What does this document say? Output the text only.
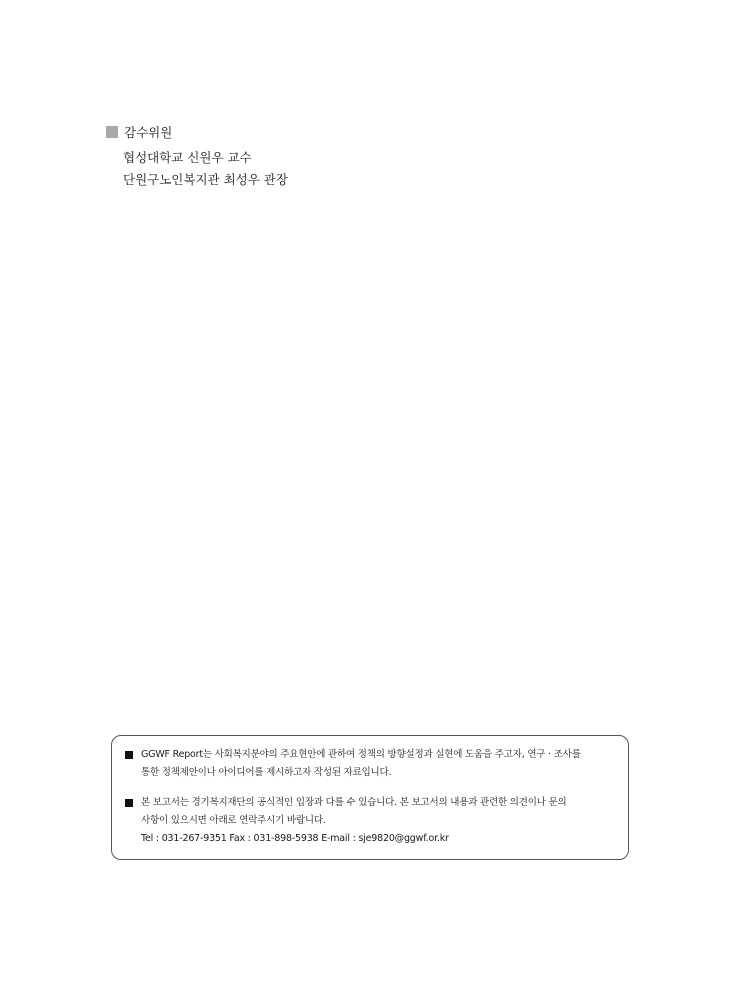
감수위원
협성대학교 신원우 교수
단원구노인복지관 최성우 관장
GGWF Report는 사회복지분야의 주요현안에 관하여 정책의 방향설정과 실현에 도움을 주고자, 연구 · 조사를
통한 정책제안이나 아이디어를 제시하고자 작성된 자료입니다.
본 보고서는 경기복지재단의 공식적인 입장과 다를 수 있습니다. 본 보고서의 내용과 관련한 의견이나 문의
사항이 있으시면 아래로 연락주시기 바랍니다.
Tel : 031-267-9351 Fax : 031-898-5938 E-mail : sje9820@ggwf.or.kr
